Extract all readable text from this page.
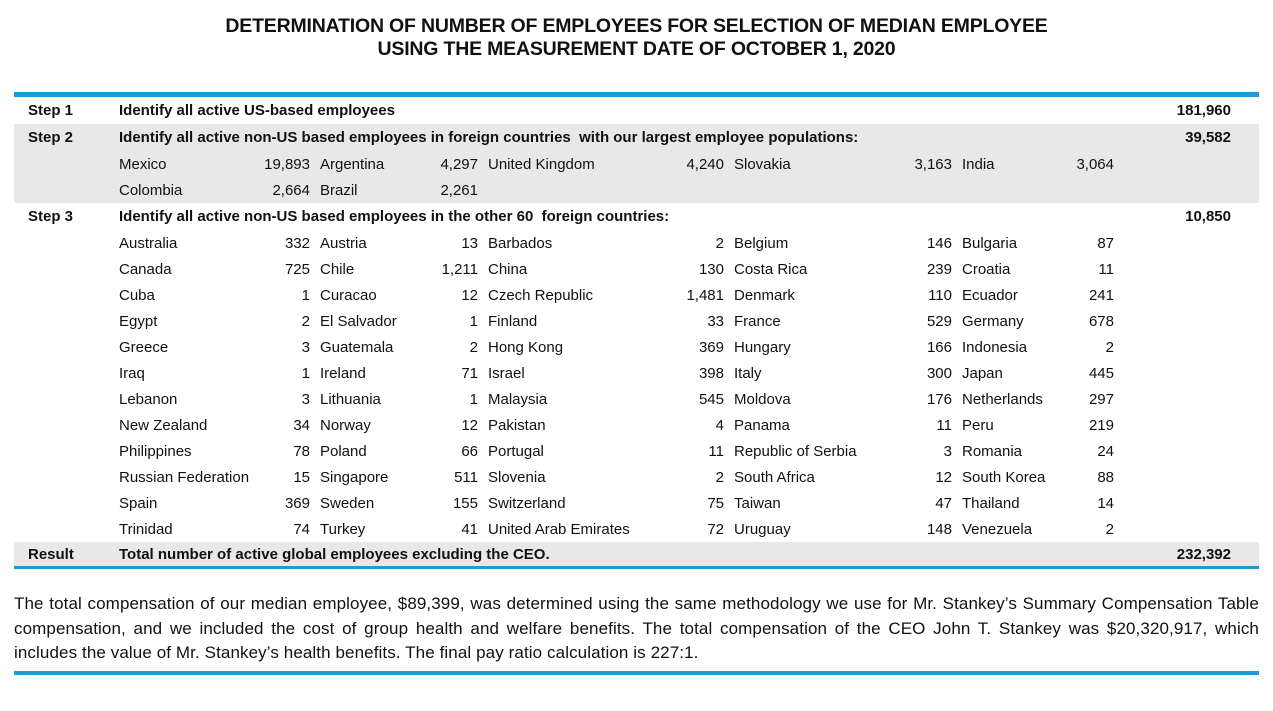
DETERMINATION OF NUMBER OF EMPLOYEES FOR SELECTION OF MEDIAN EMPLOYEE
USING THE MEASUREMENT DATE OF OCTOBER 1, 2020
Step 1	Identify all active US-based employees	181,960
Step 2	Identify all active non-US based employees in foreign countries  with our largest employee populations:	39,582
Mexico	19,893 Argentina	4,297 United Kingdom	4,240 Slovakia	3,163 India	3,064
Colombia	2,664 Brazil	2,261
Step 3	Identify all active non-US based employees in the other 60  foreign countries:	10,850
Australia	332 Austria	13 Barbados	2 Belgium	146 Bulgaria	87
Canada	725 Chile	1,211 China	130 Costa Rica	239 Croatia	11
Cuba	1 Curacao	12 Czech Republic	1,481 Denmark	110 Ecuador	241
Egypt	2 El Salvador	1 Finland	33 France	529 Germany	678
Greece	3 Guatemala	2 Hong Kong	369 Hungary	166 Indonesia	2
Iraq	1 Ireland	71 Israel	398 Italy	300 Japan	445
Lebanon	3 Lithuania	1 Malaysia	545 Moldova	176 Netherlands	297
New Zealand	34 Norway	12 Pakistan	4 Panama	11 Peru	219
Philippines	78 Poland	66 Portugal	11 Republic of Serbia	3 Romania	24
Russian Federation	15 Singapore	511 Slovenia	2 South Africa	12 South Korea	88
Spain	369 Sweden	155 Switzerland	75 Taiwan	47 Thailand	14
Trinidad	74 Turkey	41 United Arab Emirates	72 Uruguay	148 Venezuela	2
Result	Total number of active global employees excluding the CEO.	232,392

The total compensation of our median employee, $89,399, was determined using the same methodology we use for Mr. Stankey’s Summary Compensation Table compensation, and we included the cost of group health and welfare benefits. The total compensation of the CEO John T. Stankey was $20,320,917, which includes the value of Mr. Stankey’s health benefits. The final pay ratio calculation is 227:1.
